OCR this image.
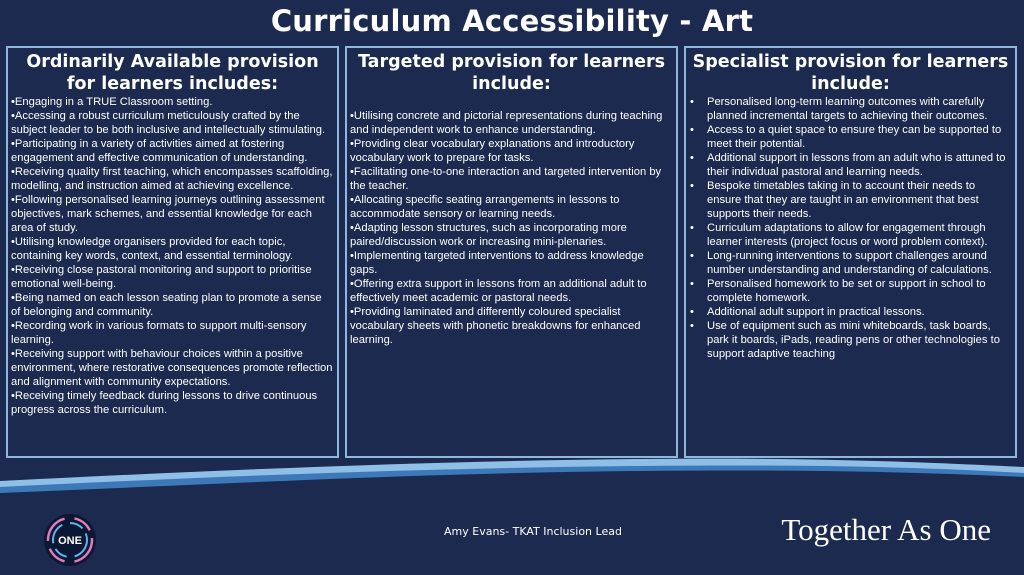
Curriculum Accessibility - Art
Ordinarily Available provision for learners includes:
•Engaging in a TRUE Classroom setting.
•Accessing a robust curriculum meticulously crafted by the subject leader to be both inclusive and intellectually stimulating.
•Participating in a variety of activities aimed at fostering engagement and effective communication of understanding.
•Receiving quality first teaching, which encompasses scaffolding, modelling, and instruction aimed at achieving excellence.
•Following personalised learning journeys outlining assessment objectives, mark schemes, and essential knowledge for each area of study.
•Utilising knowledge organisers provided for each topic, containing key words, context, and essential terminology.
•Receiving close pastoral monitoring and support to prioritise emotional well-being.
•Being named on each lesson seating plan to promote a sense of belonging and community.
•Recording work in various formats to support multi-sensory learning.
•Receiving support with behaviour choices within a positive environment, where restorative consequences promote reflection and alignment with community expectations.
•Receiving timely feedback during lessons to drive continuous progress across the curriculum.
Targeted provision for learners include:
•Utilising concrete and pictorial representations during teaching and independent work to enhance understanding.
•Providing clear vocabulary explanations and introductory vocabulary work to prepare for tasks.
•Facilitating one-to-one interaction and targeted intervention by the teacher.
•Allocating specific seating arrangements in lessons to accommodate sensory or learning needs.
•Adapting lesson structures, such as incorporating more paired/discussion work or increasing mini-plenaries.
•Implementing targeted interventions to address knowledge gaps.
•Offering extra support in lessons from an additional adult to effectively meet academic or pastoral needs.
•Providing laminated and differently coloured specialist vocabulary sheets with phonetic breakdowns for enhanced learning.
Specialist provision for learners include:
•	Personalised long-term learning outcomes with carefully planned incremental targets to achieving their outcomes.
•	Access to a quiet space to ensure they can be supported to meet their potential.
•	Additional support in lessons from an adult who is attuned to their individual pastoral and learning needs.
•	Bespoke timetables taking in to account their needs to ensure that they are taught in an environment that best supports their needs.
•	Curriculum adaptations to allow for engagement through learner interests (project focus or word problem context).
•	Long-running interventions to support challenges around number understanding and understanding of calculations.
•	Personalised homework to be set or support in school to complete homework.
•	Additional adult support in practical lessons.
•	Use of equipment such as mini whiteboards, task boards, park it boards, iPads, reading pens or other technologies to support adaptive teaching
ONE
Amy Evans- TKAT Inclusion Lead	Together As One
